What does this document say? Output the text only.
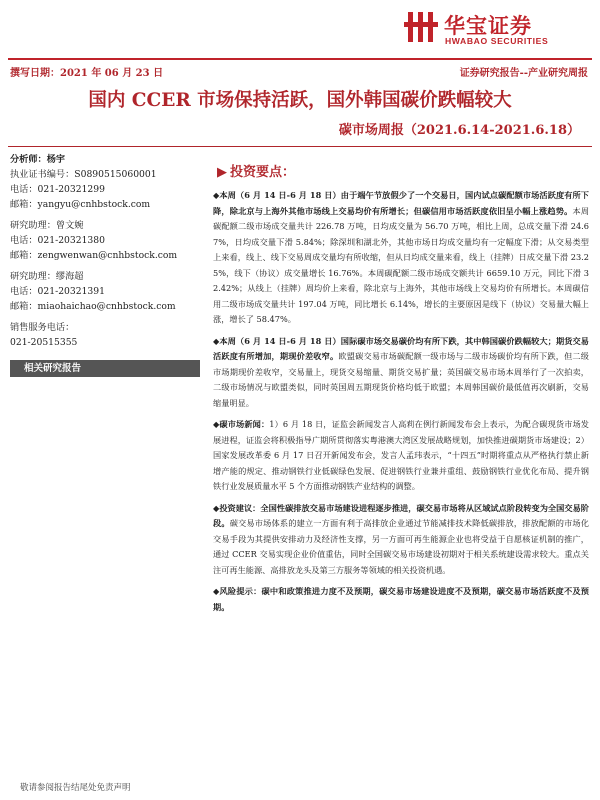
华宝证券
HWABAO SECURITIES
撰写日期：2021 年 06 月 23 日	证券研究报告--产业研究周报
国内 CCER 市场保持活跃，国外韩国碳价跌幅较大
碳市场周报（2021.6.14-2021.6.18）
分析师：杨宇
执业证书编号：S0890515060001
电话：021-20321299
邮箱：yangyu@cnhbstock.com
研究助理：曾文婉
电话：021-20321380
邮箱：zengwenwan@cnhbstock.com
研究助理：缪海超
电话：021-20321391
邮箱：miaohaichao@cnhbstock.com
销售服务电话：
021-20515355
相关研究报告
▶ 投资要点：
◆本周（6 月 14 日-6 月 18 日）由于端午节放假少了一个交易日，国内试点碳配额市场活跃度有所下降，除北京与上海外其他市场线上交易均价有所增长；但碳信用市场活跃度依旧呈小幅上涨趋势。本周碳配额二级市场成交量共计 226.78 万吨，日均成交量为 56.70 万吨，相比上周，总成交量下滑 24.67%，日均成交量下滑 5.84%；除深圳和湖北外，其他市场日均成交量均有一定幅度下滑；从交易类型上来看，线上、线下交易周成交量均有所收缩，但从日均成交量来看，线上（挂牌）日成交量下滑 23.25%，线下（协议）成交量增长 16.76%。本周碳配额二级市场成交额共计 6659.10 万元，同比下滑 32.42%；从线上（挂牌）周均价上来看，除北京与上海外，其他市场线上交易均价有所增长。本周碳信用二级市场成交量共计 197.04 万吨，同比增长 6.14%，增长的主要原因是线下（协议）交易量大幅上涨，增长了 58.47%。
◆本周（6 月 14 日-6 月 18 日）国际碳市场交易碳价均有所下跌，其中韩国碳价跌幅较大；期货交易活跃度有所增加，期现价差收窄。欧盟碳交易市场碳配额一级市场与二级市场碳价均有所下跌，但二级市场期现价差收窄，交易量上，现货交易缩量、期货交易扩量；英国碳交易市场本周举行了一次拍卖，二级市场情况与欧盟类似，同时英国周五期现货价格均低于欧盟；本周韩国碳价最低值再次刷新，交易缩量明显。
◆碳市场新闻：1）6 月 18 日，证监会新闻发言人高莉在例行新闻发布会上表示，为配合碳现货市场发展进程，证监会将积极指导广期所贯彻落实粤港澳大湾区发展战略规划，加快推进碳期货市场建设；2）国家发展改革委 6 月 17 日召开新闻发布会，发言人孟玮表示，“十四五”时期将重点从严格执行禁止新增产能的规定、推动钢铁行业低碳绿色发展、促进钢铁行业兼并重组、鼓励钢铁行业优化布局、提升钢铁行业发展质量水平 5 个方面推动钢铁产业结构的调整。
◆投资建议：全国性碳排放交易市场建设进程逐步推进，碳交易市场将从区域试点阶段转变为全国交易阶段。碳交易市场体系的建立一方面有利于高排放企业通过节能减排技术降低碳排放，排放配额的市场化交易手段为其提供安排动力及经济性支撑，另一方面可再生能源企业也将受益于自愿核证机制的推广，通过 CCER 交易实现企业价值重估，同时全国碳交易市场建设初期对于相关系统建设需求较大。重点关注可再生能源、高排放龙头及第三方服务等领域的相关投资机遇。
◆风险提示：碳中和政策推进力度不及预期，碳交易市场建设进度不及预期，碳交易市场活跃度不及预期。
敬请参阅报告结尾处免责声明
